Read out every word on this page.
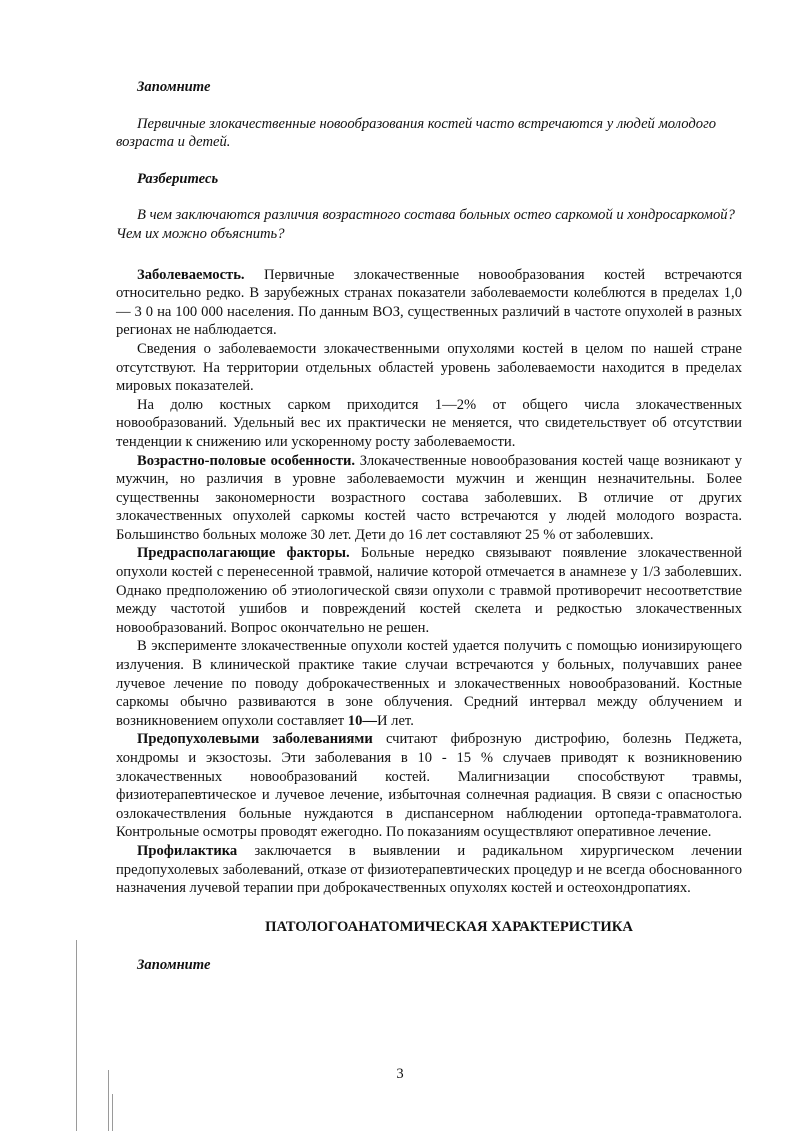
Запомните

Первичные злокачественные новообразования костей часто встречаются у людей молодого возраста и детей.

Разберитесь

В чем заключаются различия возрастного состава больных остео саркомой и хондросаркомой? Чем их можно объяснить?

Заболеваемость. Первичные злокачественные новообразования костей встречаются относительно редко. В зарубежных странах показатели заболеваемости колеблются в пределах 1,0— 3 0 на 100 000 населения. По данным ВОЗ, существенных различий в частоте опухолей в разных регионах не наблюдается.

Сведения о заболеваемости злокачественными опухолями костей в целом по нашей стране отсутствуют. На территории отдельных областей уровень заболеваемости находится в пределах мировых показателей.

На долю костных сарком приходится 1—2% от общего числа злокачественных новообразований. Удельный вес их практически не меняется, что свидетельствует об отсутствии тенденции к снижению или ускоренному росту заболеваемости.

Возрастно-половые особенности. Злокачественные новообразования костей чаще возникают у мужчин, но различия в уровне заболеваемости мужчин и женщин незначительны. Более существенны закономерности возрастного состава заболевших. В отличие от других злокачественных опухолей саркомы костей часто встречаются у людей молодого возраста. Большинство больных моложе 30 лет. Дети до 16 лет составляют 25 % от заболевших.

Предрасполагающие факторы. Больные нередко связывают появление злокачественной опухоли костей с перенесенной травмой, наличие которой отмечается в анамнезе у 1/3 заболевших. Однако предположению об этиологической связи опухоли с травмой противоречит несоответствие между частотой ушибов и повреждений костей скелета и редкостью злокачественных новообразований. Вопрос окончательно не решен.

В эксперименте злокачественные опухоли костей удается получить с помощью ионизирующего излучения. В клинической практике такие случаи встречаются у больных, получавших ранее лучевое лечение по поводу доброкачественных и злокачественных новообразований. Костные саркомы обычно развиваются в зоне облучения. Средний интервал между облучением и возникновением опухоли составляет 10—И лет.

Предопухолевыми заболеваниями считают фиброзную дистрофию, болезнь Педжета, хондромы и экзостозы. Эти заболевания в 10 - 15 % случаев приводят к возникновению злокачественных новообразований костей. Малигнизации способствуют травмы, физиотерапевтическое и лучевое лечение, избыточная солнечная радиация. В связи с опасностью озлокачествления больные нуждаются в диспансерном наблюдении ортопеда-травматолога. Контрольные осмотры проводят ежегодно. По показаниям осуществляют оперативное лечение.

Профилактика заключается в выявлении и радикальном хирургическом лечении предопухолевых заболеваний, отказе от физиотерапевтических процедур и не всегда обоснованного назначения лучевой терапии при доброкачественных опухолях костей и остеохондропатиях.

ПАТОЛОГОАНАТОМИЧЕСКАЯ ХАРАКТЕРИСТИКА

Запомните

3
